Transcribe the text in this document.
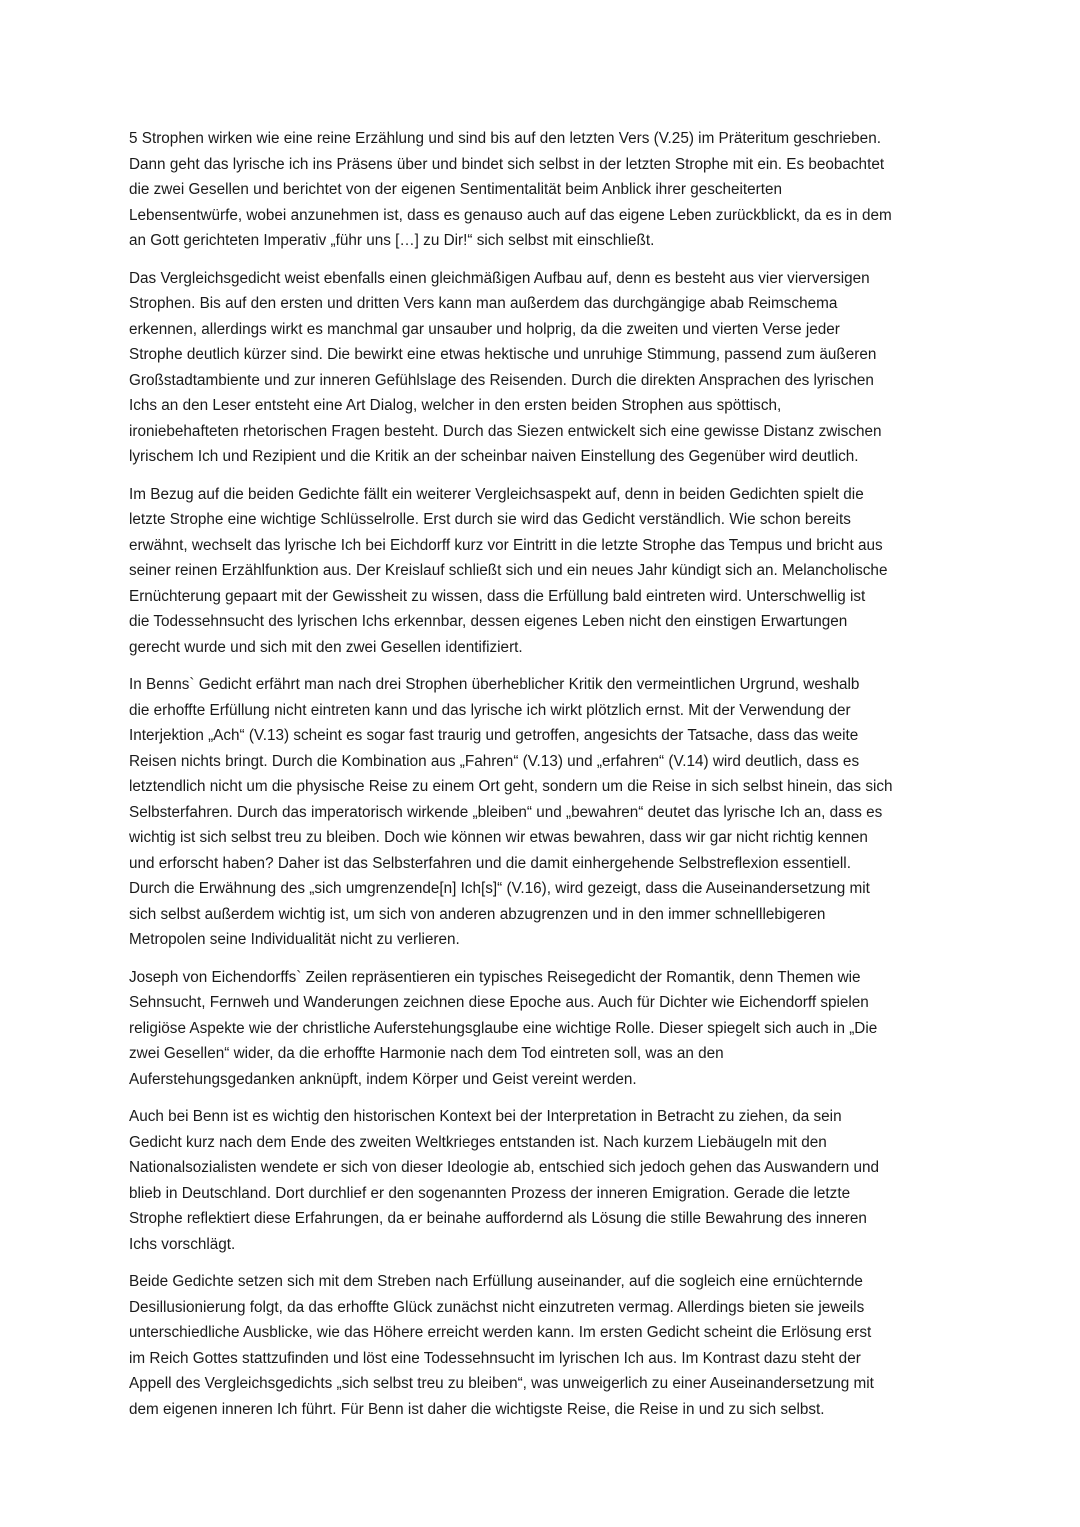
5 Strophen wirken wie eine reine Erzählung und sind bis auf den letzten Vers (V.25) im Präteritum geschrieben.
Dann geht das lyrische ich ins Präsens über und bindet sich selbst in der letzten Strophe mit ein. Es beobachtet
die zwei Gesellen und berichtet von der eigenen Sentimentalität beim Anblick ihrer gescheiterten
Lebensentwürfe, wobei anzunehmen ist, dass es genauso auch auf das eigene Leben zurückblickt, da es in dem
an Gott gerichteten Imperativ „führ uns […] zu Dir!“ sich selbst mit einschließt.

Das Vergleichsgedicht weist ebenfalls einen gleichmäßigen Aufbau auf, denn es besteht aus vier vierversigen
Strophen. Bis auf den ersten und dritten Vers kann man außerdem das durchgängige abab Reimschema
erkennen, allerdings wirkt es manchmal gar unsauber und holprig, da die zweiten und vierten Verse jeder
Strophe deutlich kürzer sind. Die bewirkt eine etwas hektische und unruhige Stimmung, passend zum äußeren
Großstadtambiente und zur inneren Gefühlslage des Reisenden. Durch die direkten Ansprachen des lyrischen
Ichs an den Leser entsteht eine Art Dialog, welcher in den ersten beiden Strophen aus spöttisch,
ironiebehafteten rhetorischen Fragen besteht. Durch das Siezen entwickelt sich eine gewisse Distanz zwischen
lyrischem Ich und Rezipient und die Kritik an der scheinbar naiven Einstellung des Gegenüber wird deutlich.

Im Bezug auf die beiden Gedichte fällt ein weiterer Vergleichsaspekt auf, denn in beiden Gedichten spielt die
letzte Strophe eine wichtige Schlüsselrolle. Erst durch sie wird das Gedicht verständlich. Wie schon bereits
erwähnt, wechselt das lyrische Ich bei Eichdorff kurz vor Eintritt in die letzte Strophe das Tempus und bricht aus
seiner reinen Erzählfunktion aus. Der Kreislauf schließt sich und ein neues Jahr kündigt sich an. Melancholische
Ernüchterung gepaart mit der Gewissheit zu wissen, dass die Erfüllung bald eintreten wird. Unterschwellig ist
die Todessehnsucht des lyrischen Ichs erkennbar, dessen eigenes Leben nicht den einstigen Erwartungen
gerecht wurde und sich mit den zwei Gesellen identifiziert.

In Benns` Gedicht erfährt man nach drei Strophen überheblicher Kritik den vermeintlichen Urgrund, weshalb
die erhoffte Erfüllung nicht eintreten kann und das lyrische ich wirkt plötzlich ernst. Mit der Verwendung der
Interjektion „Ach“ (V.13) scheint es sogar fast traurig und getroffen, angesichts der Tatsache, dass das weite
Reisen nichts bringt. Durch die Kombination aus „Fahren“ (V.13) und „erfahren“ (V.14) wird deutlich, dass es
letztendlich nicht um die physische Reise zu einem Ort geht, sondern um die Reise in sich selbst hinein, das sich
Selbsterfahren. Durch das imperatorisch wirkende „bleiben“ und „bewahren“ deutet das lyrische Ich an, dass es
wichtig ist sich selbst treu zu bleiben. Doch wie können wir etwas bewahren, dass wir gar nicht richtig kennen
und erforscht haben? Daher ist das Selbsterfahren und die damit einhergehende Selbstreflexion essentiell.
Durch die Erwähnung des „sich umgrenzende[n] Ich[s]“ (V.16), wird gezeigt, dass die Auseinandersetzung mit
sich selbst außerdem wichtig ist, um sich von anderen abzugrenzen und in den immer schnelllebigeren
Metropolen seine Individualität nicht zu verlieren.

Joseph von Eichendorffs` Zeilen repräsentieren ein typisches Reisegedicht der Romantik, denn Themen wie
Sehnsucht, Fernweh und Wanderungen zeichnen diese Epoche aus. Auch für Dichter wie Eichendorff spielen
religiöse Aspekte wie der christliche Auferstehungsglaube eine wichtige Rolle. Dieser spiegelt sich auch in „Die
zwei Gesellen“ wider, da die erhoffte Harmonie nach dem Tod eintreten soll, was an den
Auferstehungsgedanken anknüpft, indem Körper und Geist vereint werden.

Auch bei Benn ist es wichtig den historischen Kontext bei der Interpretation in Betracht zu ziehen, da sein
Gedicht kurz nach dem Ende des zweiten Weltkrieges entstanden ist. Nach kurzem Liebäugeln mit den
Nationalsozialisten wendete er sich von dieser Ideologie ab, entschied sich jedoch gehen das Auswandern und
blieb in Deutschland. Dort durchlief er den sogenannten Prozess der inneren Emigration. Gerade die letzte
Strophe reflektiert diese Erfahrungen, da er beinahe auffordernd als Lösung die stille Bewahrung des inneren
Ichs vorschlägt.

Beide Gedichte setzen sich mit dem Streben nach Erfüllung auseinander, auf die sogleich eine ernüchternde
Desillusionierung folgt, da das erhoffte Glück zunächst nicht einzutreten vermag. Allerdings bieten sie jeweils
unterschiedliche Ausblicke, wie das Höhere erreicht werden kann. Im ersten Gedicht scheint die Erlösung erst
im Reich Gottes stattzufinden und löst eine Todessehnsucht im lyrischen Ich aus. Im Kontrast dazu steht der
Appell des Vergleichsgedichts „sich selbst treu zu bleiben“, was unweigerlich zu einer Auseinandersetzung mit
dem eigenen inneren Ich führt. Für Benn ist daher die wichtigste Reise, die Reise in und zu sich selbst.
